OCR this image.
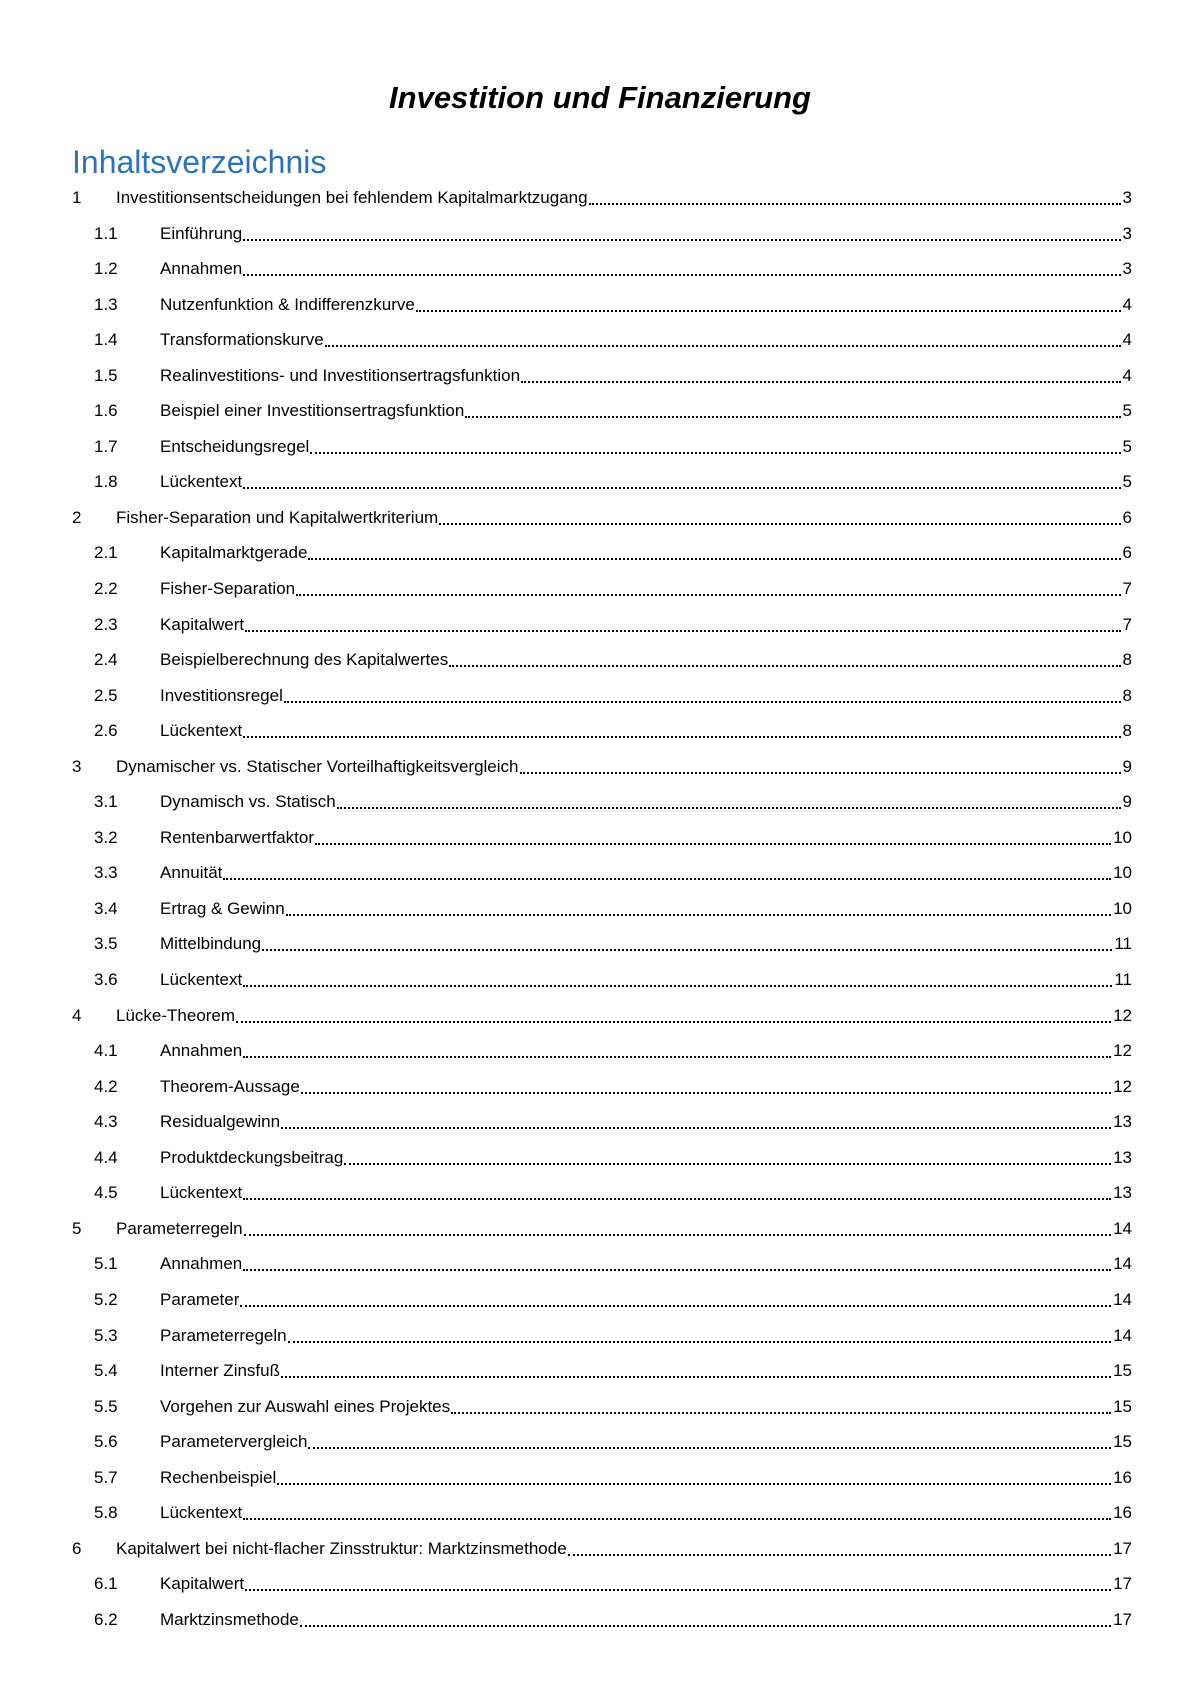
Investition und Finanzierung
Inhaltsverzeichnis
1	Investitionsentscheidungen bei fehlendem Kapitalmarktzugang	3
1.1	Einführung	3
1.2	Annahmen	3
1.3	Nutzenfunktion & Indifferenzkurve	4
1.4	Transformationskurve	4
1.5	Realinvestitions- und Investitionsertragsfunktion	4
1.6	Beispiel einer Investitionsertragsfunktion	5
1.7	Entscheidungsregel	5
1.8	Lückentext	5
2	Fisher-Separation und Kapitalwertkriterium	6
2.1	Kapitalmarktgerade	6
2.2	Fisher-Separation	7
2.3	Kapitalwert	7
2.4	Beispielberechnung des Kapitalwertes	8
2.5	Investitionsregel	8
2.6	Lückentext	8
3	Dynamischer vs. Statischer Vorteilhaftigkeitsvergleich	9
3.1	Dynamisch vs. Statisch	9
3.2	Rentenbarwertfaktor	10
3.3	Annuität	10
3.4	Ertrag & Gewinn	10
3.5	Mittelbindung	11
3.6	Lückentext	11
4	Lücke-Theorem	12
4.1	Annahmen	12
4.2	Theorem-Aussage	12
4.3	Residualgewinn	13
4.4	Produktdeckungsbeitrag	13
4.5	Lückentext	13
5	Parameterregeln	14
5.1	Annahmen	14
5.2	Parameter	14
5.3	Parameterregeln	14
5.4	Interner Zinsfuß	15
5.5	Vorgehen zur Auswahl eines Projektes	15
5.6	Parametervergleich	15
5.7	Rechenbeispiel	16
5.8	Lückentext	16
6	Kapitalwert bei nicht-flacher Zinsstruktur: Marktzinsmethode	17
6.1	Kapitalwert	17
6.2	Marktzinsmethode	17
